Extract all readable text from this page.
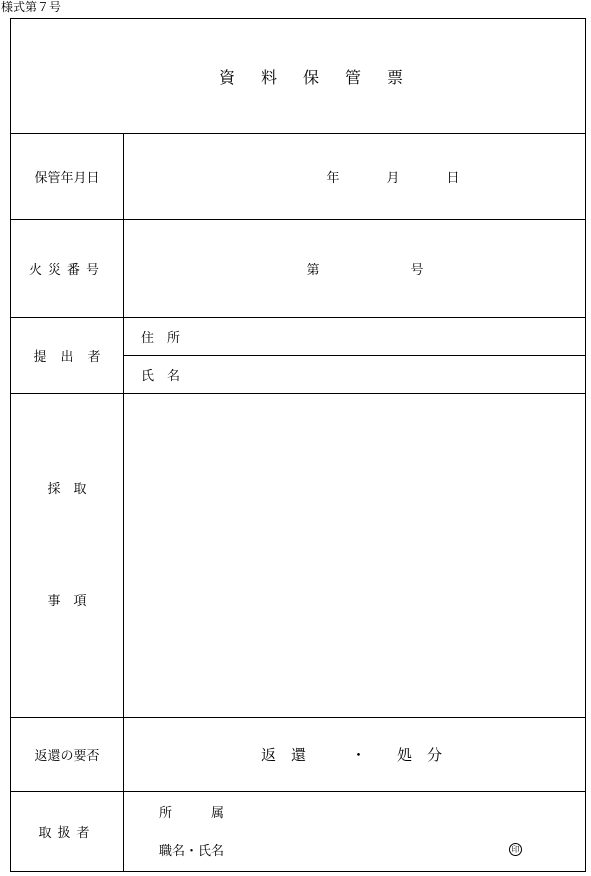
様式第７号
資料保管票
保管年月日	年	月	日
火災番号	第	号
提出者
住　所
氏　名
採　取
事　項
返還の要否	返　還	・ 処　分
取扱者
所　　　属
職名・氏名	印
